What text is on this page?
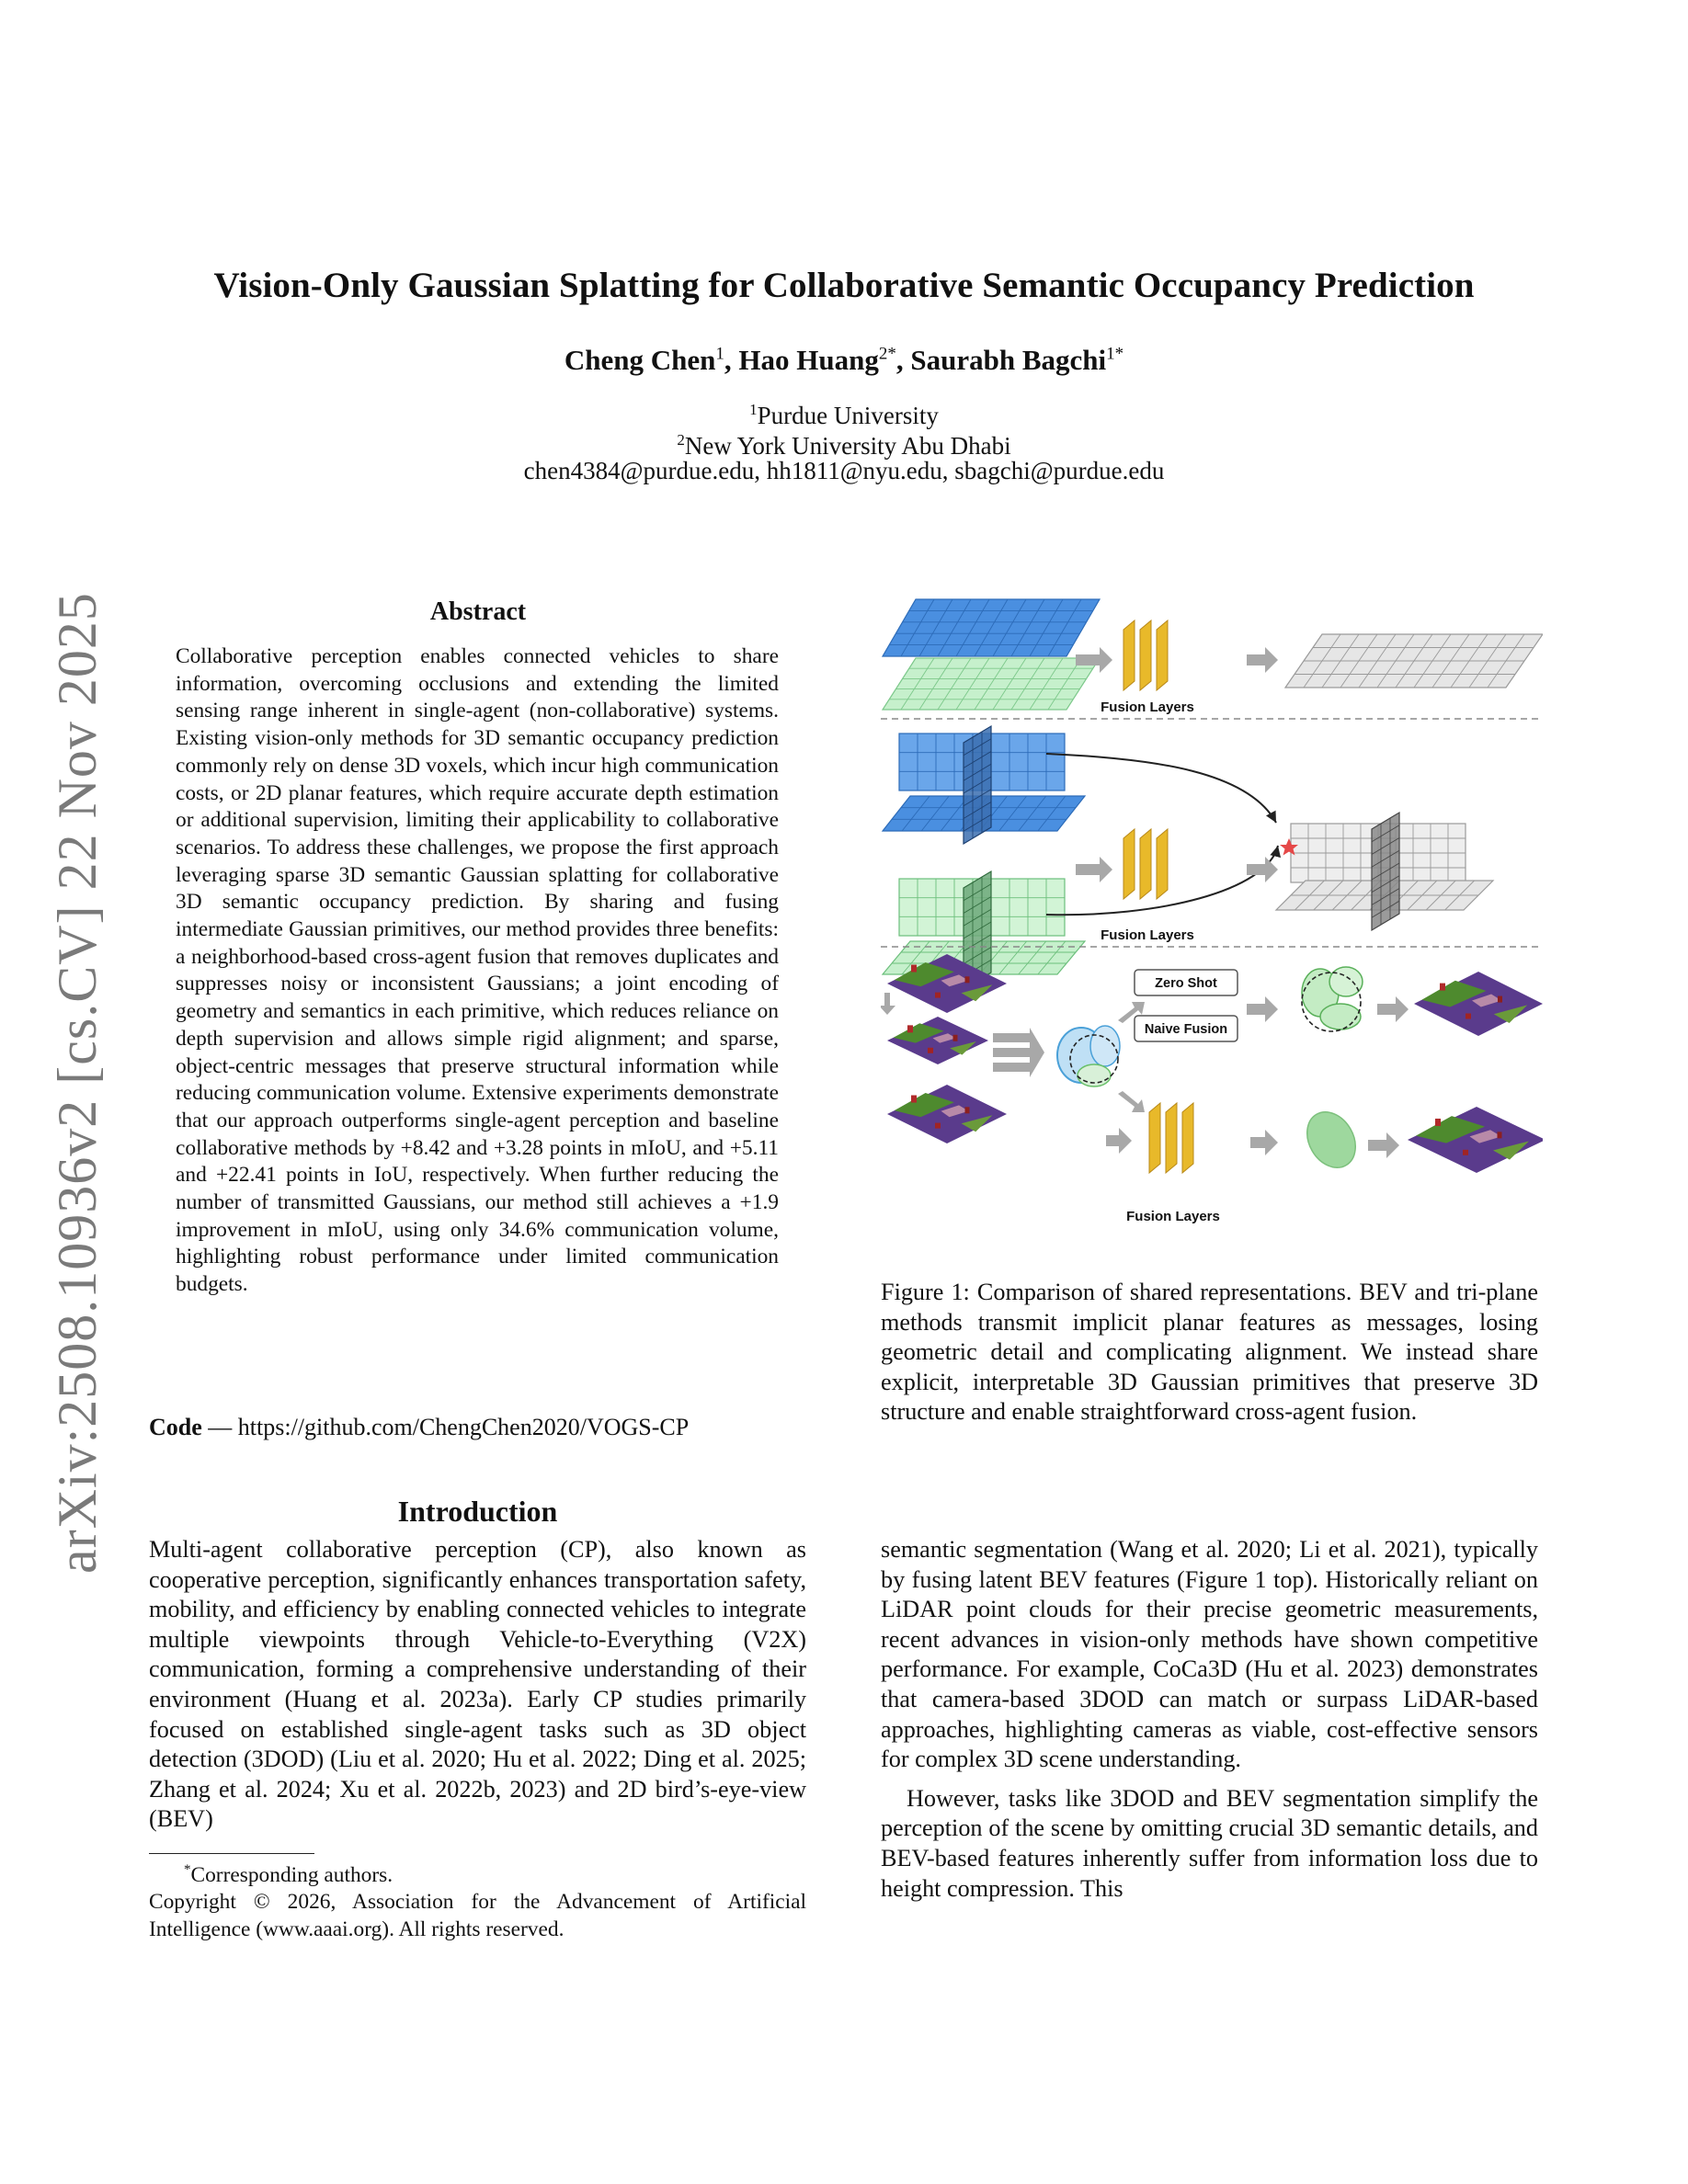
Vision-Only Gaussian Splatting for Collaborative Semantic Occupancy Prediction
Cheng Chen$^1$, Hao Huang$^{2*}$, Saurabh Bagchi$^{1*}$
$^1$Purdue University
$^2$New York University Abu Dhabi
chen4384@purdue.edu, hh1811@nyu.edu, sbagchi@purdue.edu
arXiv:2508.10936v2 [cs.CV] 22 Nov 2025	Abstract
Collaborative perception enables connected vehicles to share information, overcoming occlusions and extending the limited sensing range inherent in single-agent (non-collaborative) systems. Existing vision-only methods for 3D semantic occupancy prediction commonly rely on dense 3D voxels, which incur high communication costs, or 2D planar features, which require accurate depth estimation or additional supervision, limiting their applicability to collaborative scenarios. To address these challenges, we propose the first approach leveraging sparse 3D semantic Gaussian splatting for collaborative 3D semantic occupancy prediction. By sharing and fusing intermediate Gaussian primitives, our method provides three benefits: a neighborhood-based cross-agent fusion that removes duplicates and suppresses noisy or inconsistent Gaussians; a joint encoding of geometry and semantics in each primitive, which reduces reliance on depth supervision and allows simple rigid alignment; and sparse, object-centric messages that preserve structural information while reducing communication volume. Extensive experiments demonstrate that our approach outperforms single-agent perception and baseline collaborative methods by +8.42 and +3.28 points in mIoU, and +5.11 and +22.41 points in IoU, respectively. When further reducing the number of transmitted Gaussians, our method still achieves a +1.9 improvement in mIoU, using only 34.6% communication volume, highlighting robust performance under limited communication budgets.
Code — https://github.com/ChengChen2020/VOGS-CP
Introduction
Multi-agent collaborative perception (CP), also known as cooperative perception, significantly enhances transportation safety, mobility, and efficiency by enabling connected vehicles to integrate multiple viewpoints through Vehicle-to-Everything (V2X) communication, forming a comprehensive understanding of their environment (Huang et al. 2023a). Early CP studies primarily focused on established single-agent tasks such as 3D object detection (3DOD) (Liu et al. 2020; Hu et al. 2022; Ding et al. 2025; Zhang et al. 2024; Xu et al. 2022b, 2023) and 2D bird’s-eye-view (BEV)

semantic segmentation (Wang et al. 2020; Li et al. 2021), typically by fusing latent BEV features (Figure 1 top). Historically reliant on LiDAR point clouds for their precise geometric measurements, recent advances in vision-only methods have shown competitive performance. For example, CoCa3D (Hu et al. 2023) demonstrates that camera-based 3DOD can match or surpass LiDAR-based approaches, highlighting cameras as viable, cost-effective sensors for complex 3D scene understanding.

However, tasks like 3DOD and BEV segmentation simplify the perception of the scene by omitting crucial 3D semantic details, and BEV-based features inherently suffer from information loss due to height compression. This

*Corresponding authors.
Copyright © 2026, Association for the Advancement of Artificial Intelligence (www.aaai.org). All rights reserved.
Fusion Layers
Fusion Layers
Zero Shot
Naive Fusion
Fusion Layers
Figure 1: Comparison of shared representations. BEV and tri-plane methods transmit implicit planar features as messages, losing geometric detail and complicating alignment. We instead share explicit, interpretable 3D Gaussian primitives that preserve 3D structure and enable straightforward cross-agent fusion.
